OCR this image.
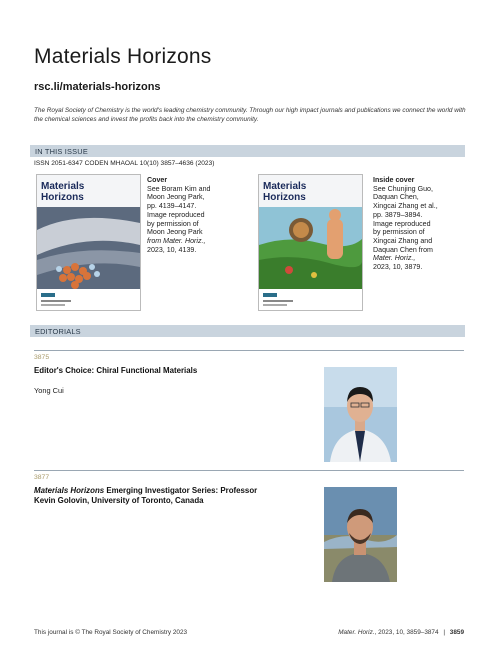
Materials Horizons
rsc.li/materials-horizons
The Royal Society of Chemistry is the world's leading chemistry community. Through our high impact journals and publications we connect the world with the chemical sciences and invest the profits back into the chemistry community.
IN THIS ISSUE
ISSN 2051-6347 CODEN MHAOAL 10(10) 3857–4636 (2023)
Materials
Horizons
Cover
See Boram Kim and
Moon Jeong Park,
pp. 4139–4147.
Image reproduced
by permission of
Moon Jeong Park
from Mater. Horiz.,
2023, 10, 4139.
Materials
Horizons
Inside cover
See Chunjing Guo,
Daquan Chen,
Xingcai Zhang et al.,
pp. 3879–3894.
Image reproduced
by permission of
Xingcai Zhang and
Daquan Chen from
Mater. Horiz.,
2023, 10, 3879.
EDITORIALS
3875
Editor's Choice: Chiral Functional Materials
Yong Cui
3877
Materials Horizons Emerging Investigator Series: Professor Kevin Golovin, University of Toronto, Canada
This journal is © The Royal Society of Chemistry 2023	Mater. Horiz., 2023, 10, 3859–3874 | 3859
